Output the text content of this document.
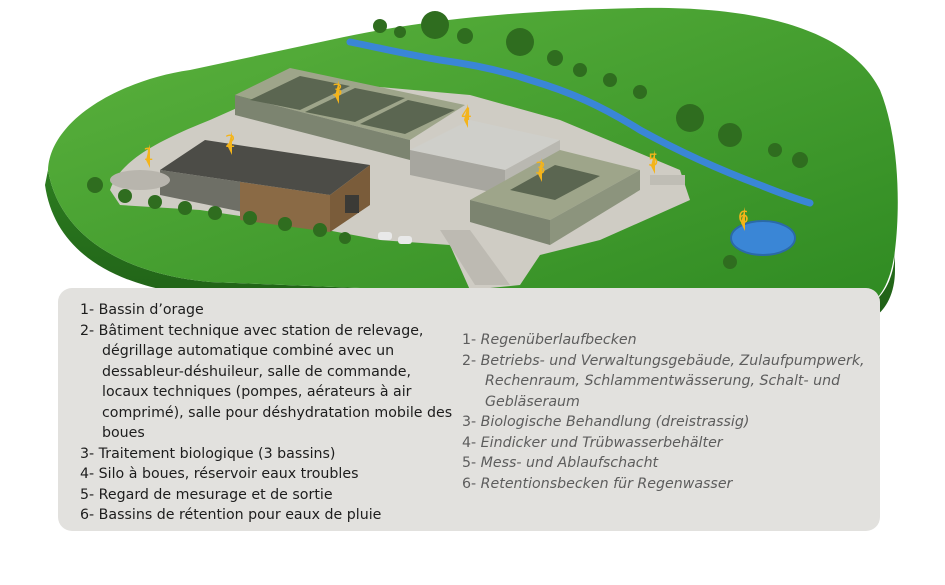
1
2
3
4
3	5
6
1- Bassin d’orage
2- Bâtiment technique avec station de relevage, dégrillage automatique combiné avec un dessableur-déshuileur, salle de commande, locaux techniques (pompes, aérateurs à air comprimé), salle pour déshydratation mobile des boues
3- Traitement biologique (3 bassins)
4- Silo à boues, réservoir eaux troubles
5- Regard de mesurage et de sortie
6- Bassins de rétention pour eaux de pluie
1- Regenüberlaufbecken
2- Betriebs- und Verwaltungsgebäude, Zulaufpumpwerk, Rechenraum, Schlammentwässerung, Schalt- und Gebläseraum
3- Biologische Behandlung (dreistrassig)
4- Eindicker und Trübwasserbehälter
5- Mess- und Ablaufschacht
6- Retentionsbecken für Regenwasser
